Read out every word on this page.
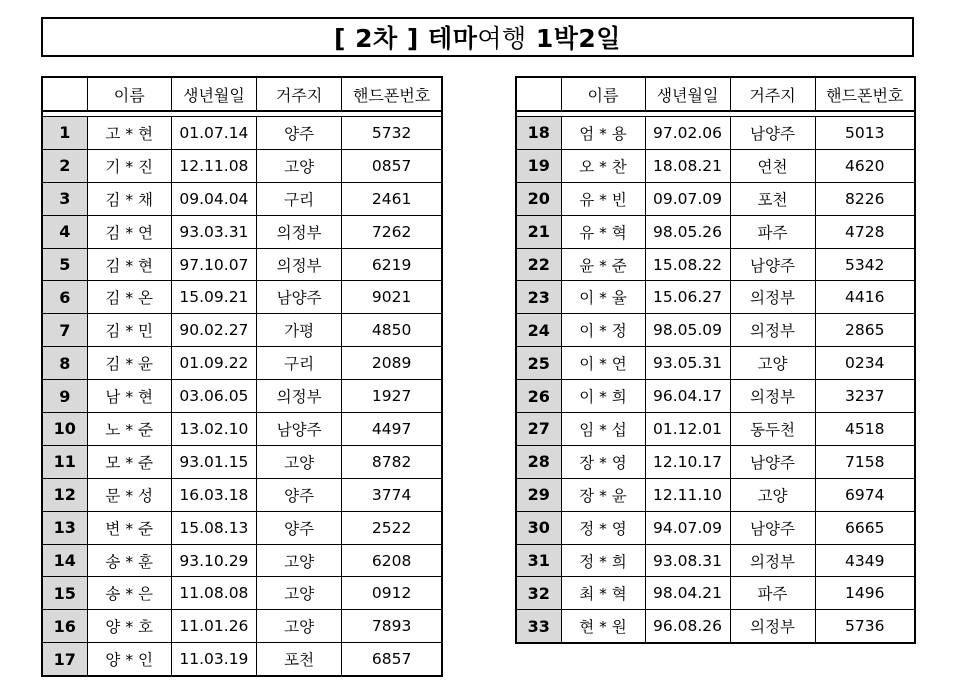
[ 2차 ] 테마여행 1박2일
	이름	생년월일	거주지	핸드폰번호

1	고 * 현	01.07.14	양주	5732
2	기 * 진	12.11.08	고양	0857
3	김 * 채	09.04.04	구리	2461
4	김 * 연	93.03.31	의정부	7262
5	김 * 현	97.10.07	의정부	6219
6	김 * 온	15.09.21	남양주	9021
7	김 * 민	90.02.27	가평	4850
8	김 * 윤	01.09.22	구리	2089
9	남 * 현	03.06.05	의정부	1927
10	노 * 준	13.02.10	남양주	4497
11	모 * 준	93.01.15	고양	8782
12	문 * 성	16.03.18	양주	3774
13	변 * 준	15.08.13	양주	2522
14	송 * 훈	93.10.29	고양	6208
15	송 * 은	11.08.08	고양	0912
16	양 * 호	11.01.26	고양	7893
17	양 * 인	11.03.19	포천	6857
	이름	생년월일	거주지	핸드폰번호

18	엄 * 용	97.02.06	남양주	5013
19	오 * 찬	18.08.21	연천	4620
20	유 * 빈	09.07.09	포천	8226
21	유 * 혁	98.05.26	파주	4728
22	윤 * 준	15.08.22	남양주	5342
23	이 * 율	15.06.27	의정부	4416
24	이 * 정	98.05.09	의정부	2865
25	이 * 연	93.05.31	고양	0234
26	이 * 희	96.04.17	의정부	3237
27	임 * 섭	01.12.01	동두천	4518
28	장 * 영	12.10.17	남양주	7158
29	장 * 윤	12.11.10	고양	6974
30	정 * 영	94.07.09	남양주	6665
31	정 * 희	93.08.31	의정부	4349
32	최 * 혁	98.04.21	파주	1496
33	현 * 원	96.08.26	의정부	5736
